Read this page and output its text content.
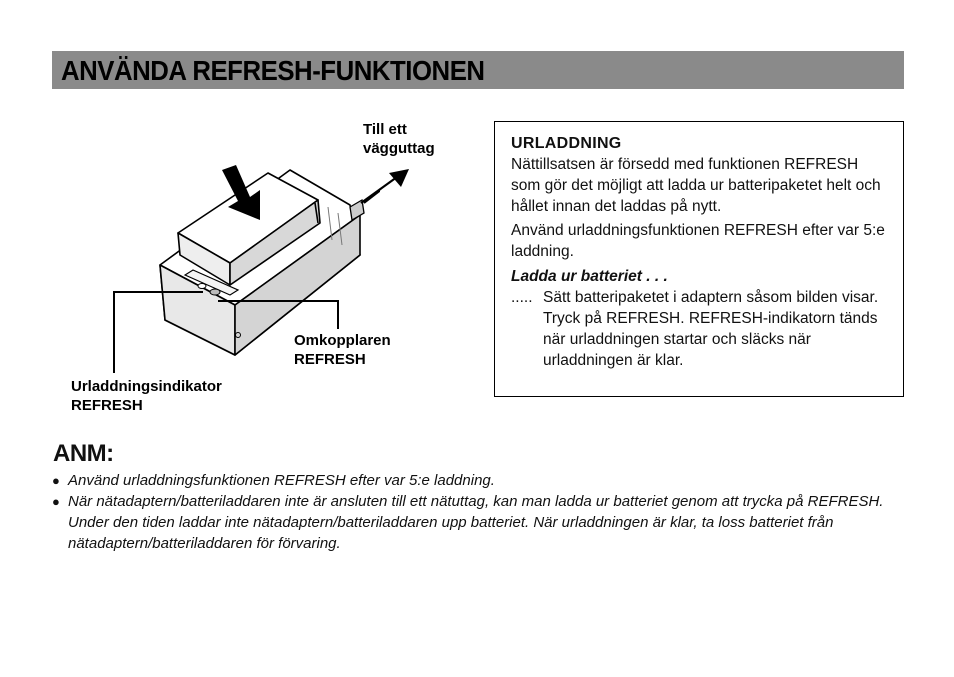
ANVÄNDA REFRESH-FUNKTIONEN
Till ett
vägguttag
Omkopplaren
REFRESH
Urladdningsindikator
REFRESH

URLADDNING

Nättillsatsen är försedd med funktionen REFRESH som gör det möjligt att ladda ur batteripaketet helt och hållet innan det laddas på nytt.

Använd urladdningsfunktionen REFRESH efter var 5:e laddning.

Ladda ur batteriet . . .

..... Sätt batteripaketet i adaptern såsom bilden visar. Tryck på REFRESH. REFRESH-indikatorn tänds när urladdningen startar och släcks när urladdningen är klar.

ANM:

● Använd urladdningsfunktionen REFRESH efter var 5:e laddning.
● När nätadaptern/batteriladdaren inte är ansluten till ett nätuttag, kan man ladda ur batteriet genom att trycka på REFRESH. Under den tiden laddar inte nätadaptern/batteriladdaren upp batteriet. När urladdningen är klar, ta loss batteriet från nätadaptern/batteriladdaren för förvaring.
